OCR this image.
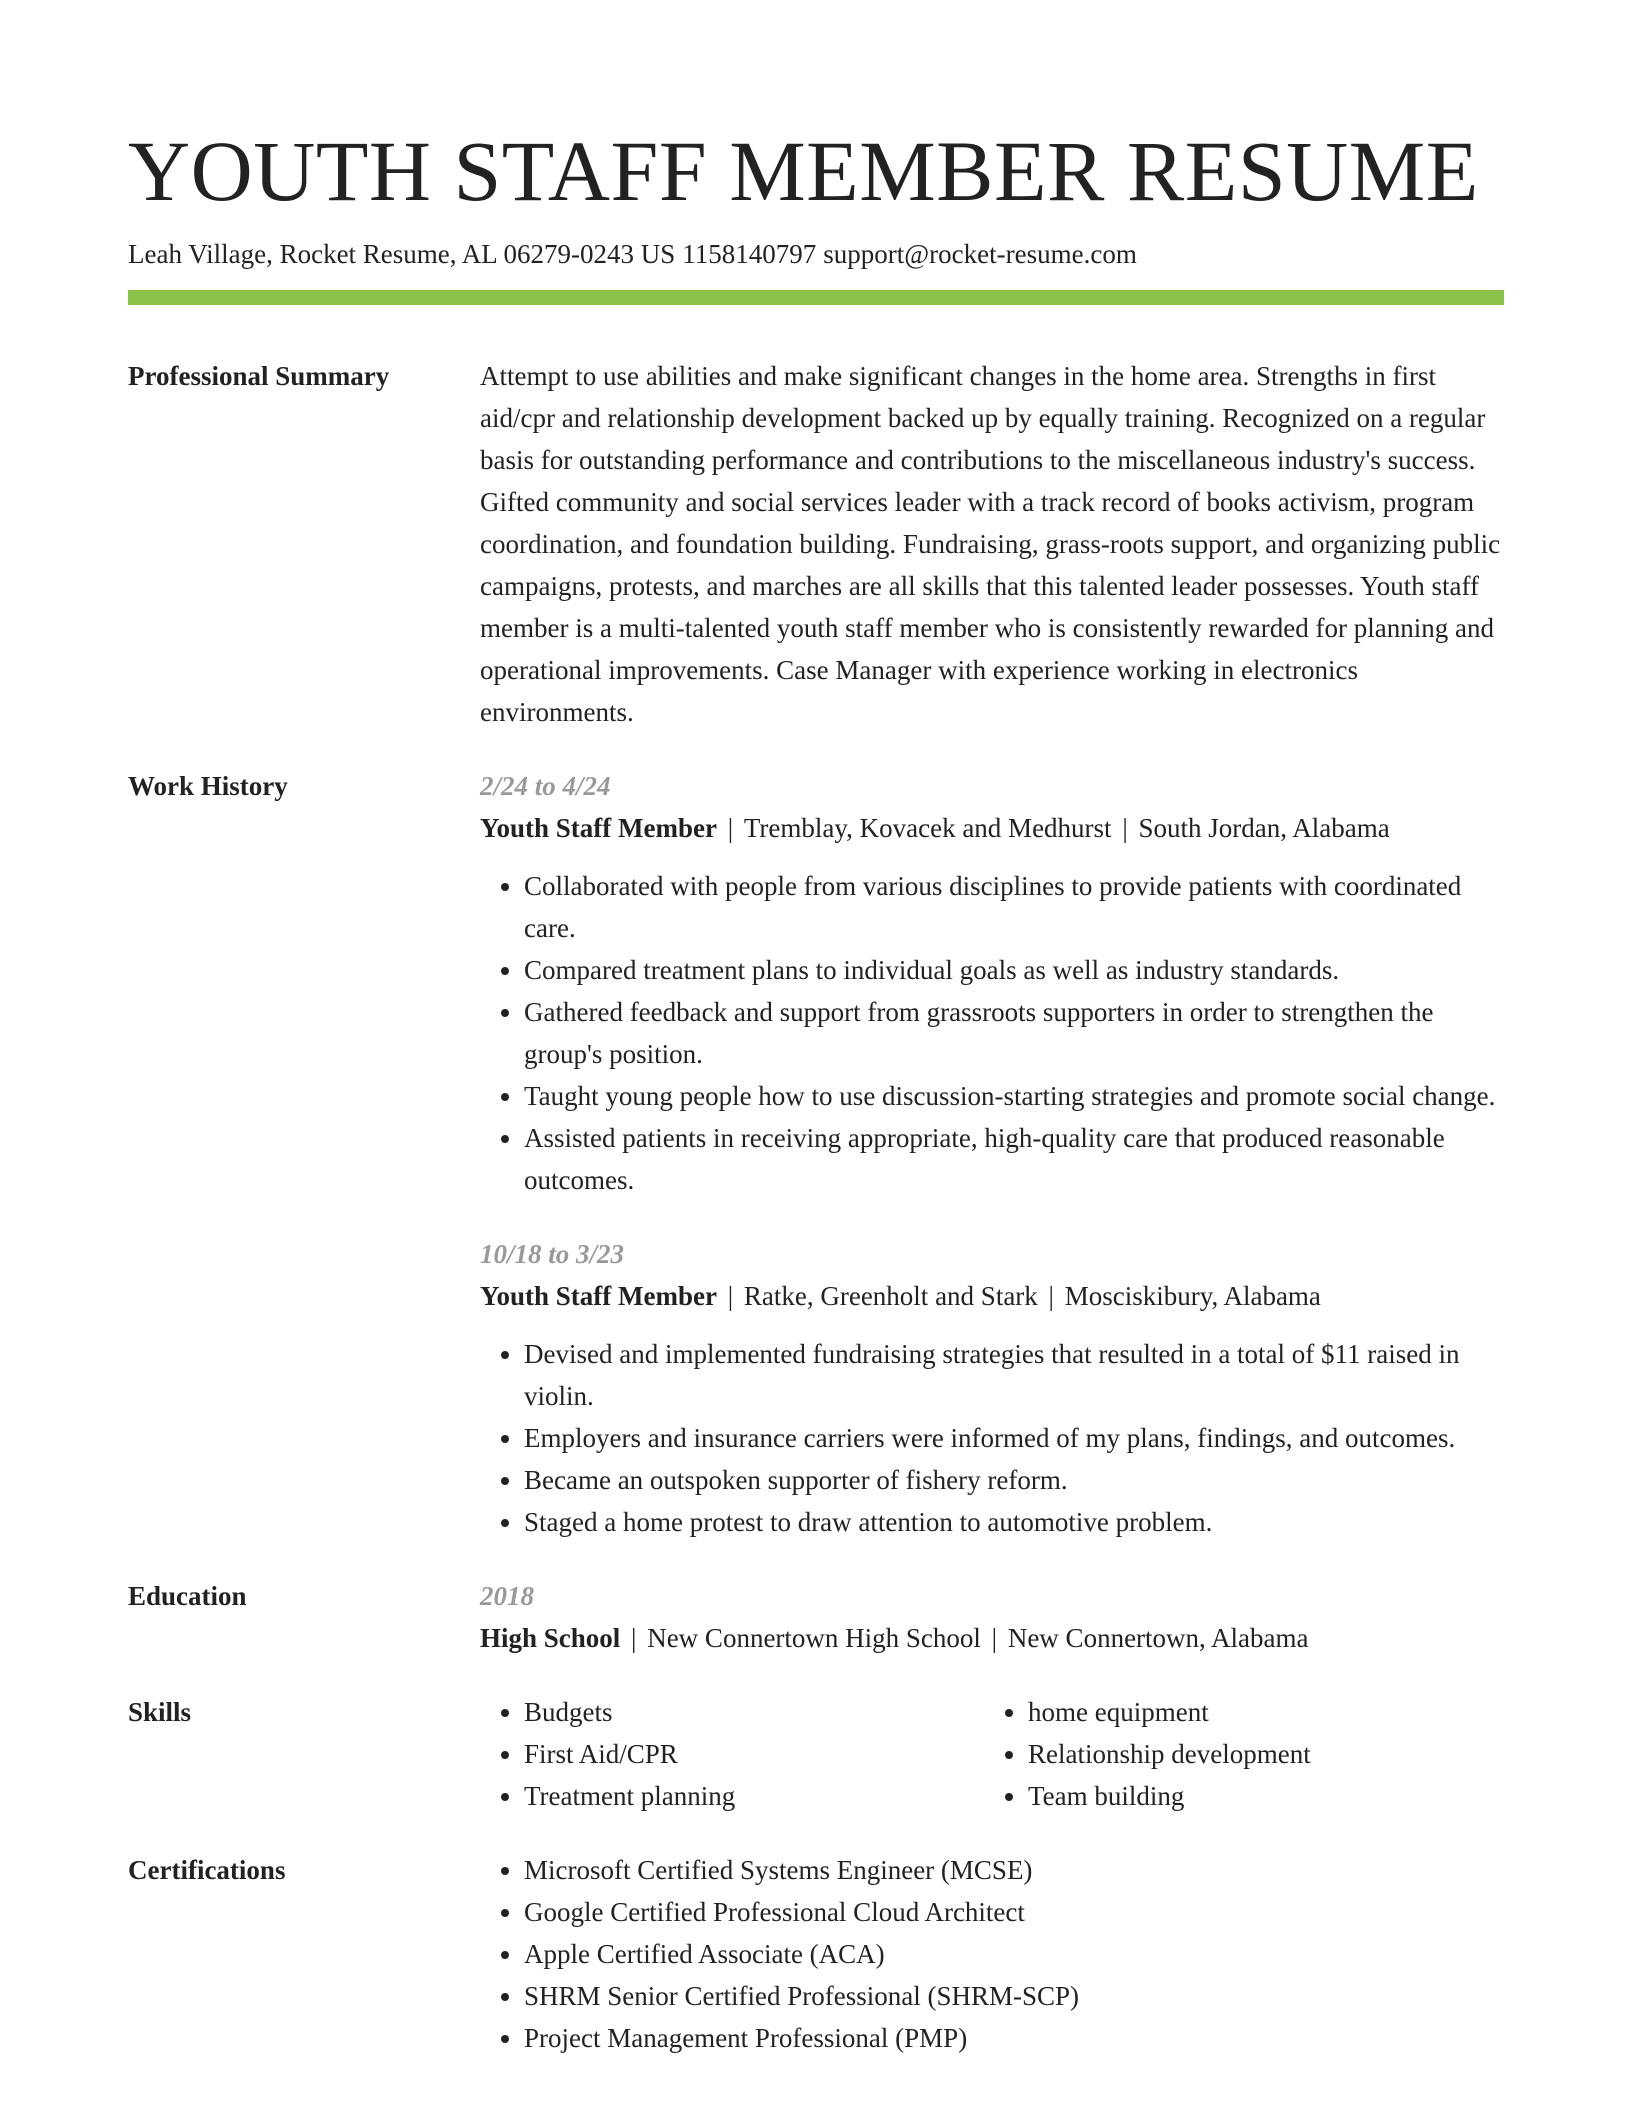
YOUTH STAFF MEMBER RESUME
Leah Village, Rocket Resume, AL 06279-0243 US 1158140797 support@rocket-resume.com
Professional Summary	Attempt to use abilities and make significant changes in the home area. Strengths in first aid/cpr and relationship development backed up by equally training. Recognized on a regular basis for outstanding performance and contributions to the miscellaneous industry's success. Gifted community and social services leader with a track record of books activism, program coordination, and foundation building. Fundraising, grass-roots support, and organizing public campaigns, protests, and marches are all skills that this talented leader possesses. Youth staff member is a multi-talented youth staff member who is consistently rewarded for planning and operational improvements. Case Manager with experience working in electronics environments.

Work History	2/24 to 4/24
Youth Staff Member | Tremblay, Kovacek and Medhurst | South Jordan, Alabama
• Collaborated with people from various disciplines to provide patients with coordinated care.
• Compared treatment plans to individual goals as well as industry standards.
• Gathered feedback and support from grassroots supporters in order to strengthen the group's position.
• Taught young people how to use discussion-starting strategies and promote social change.
• Assisted patients in receiving appropriate, high-quality care that produced reasonable outcomes.
10/18 to 3/23
Youth Staff Member | Ratke, Greenholt and Stark | Mosciskibury, Alabama
• Devised and implemented fundraising strategies that resulted in a total of $11 raised in violin.
• Employers and insurance carriers were informed of my plans, findings, and outcomes.
• Became an outspoken supporter of fishery reform.
• Staged a home protest to draw attention to automotive problem.
Education	2018
High School | New Connertown High School | New Connertown, Alabama
Skills	• Budgets
• First Aid/CPR
• Treatment planning
• home equipment
• Relationship development
• Team building
Certifications	• Microsoft Certified Systems Engineer (MCSE)
• Google Certified Professional Cloud Architect
• Apple Certified Associate (ACA)
• SHRM Senior Certified Professional (SHRM-SCP)
• Project Management Professional (PMP)
